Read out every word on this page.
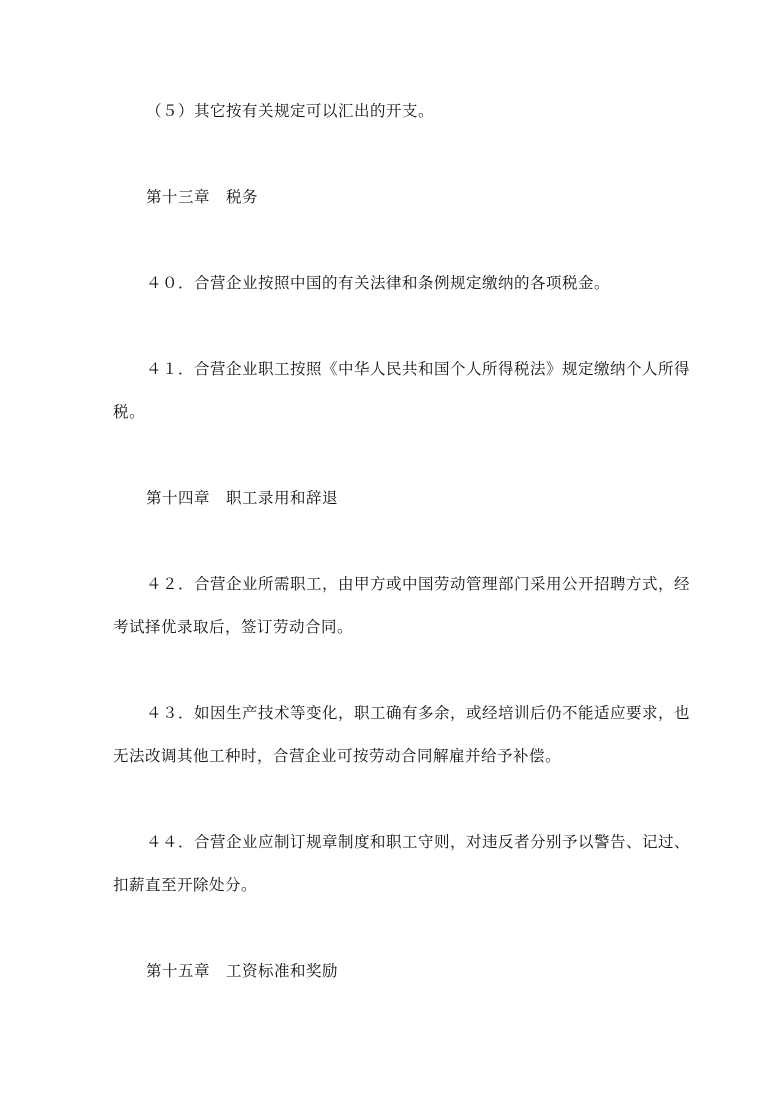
（５）其它按有关规定可以汇出的开支。
第十三章　税务
４０．合营企业按照中国的有关法律和条例规定缴纳的各项税金。
４１．合营企业职工按照《中华人民共和国个人所得税法》规定缴纳个人所得
税。
第十四章　职工录用和辞退
４２．合营企业所需职工，由甲方或中国劳动管理部门采用公开招聘方式，经
考试择优录取后，签订劳动合同。
４３．如因生产技术等变化，职工确有多余，或经培训后仍不能适应要求，也
无法改调其他工种时，合营企业可按劳动合同解雇并给予补偿。
４４．合营企业应制订规章制度和职工守则，对违反者分别予以警告、记过、
扣薪直至开除处分。
第十五章　工资标准和奖励
